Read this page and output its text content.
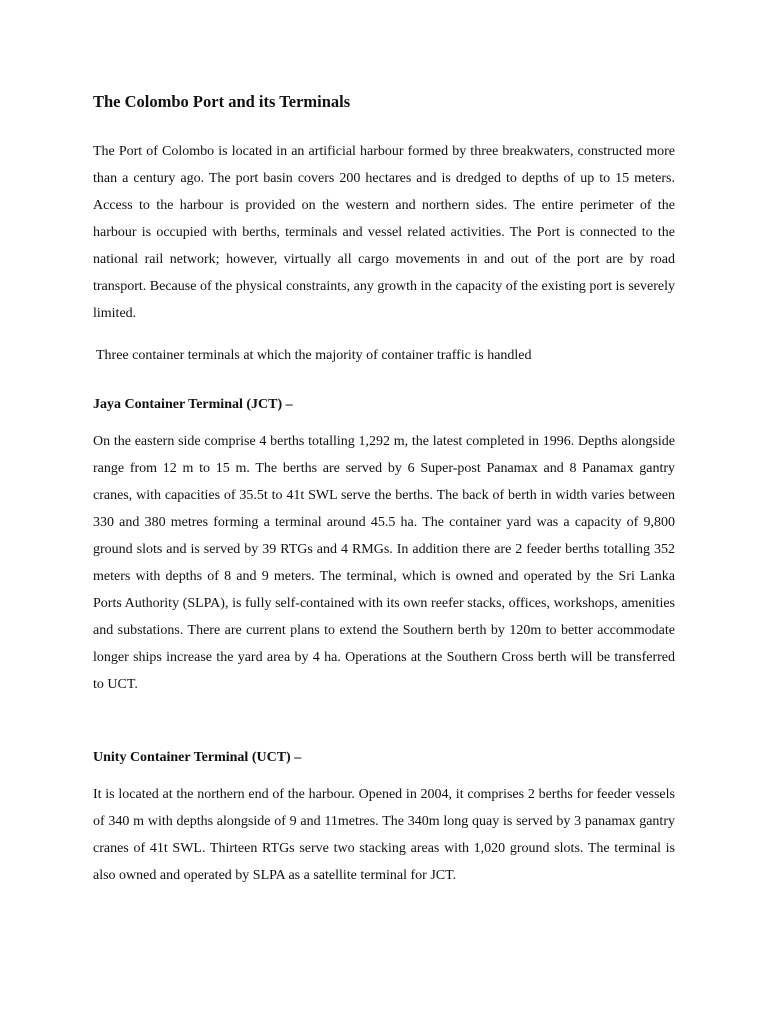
The Colombo Port and its Terminals

The Port of Colombo is located in an artificial harbour formed by three breakwaters, constructed more than a century ago. The port basin covers 200 hectares and is dredged to depths of up to 15 meters. Access to the harbour is provided on the western and northern sides. The entire perimeter of the harbour is occupied with berths, terminals and vessel related activities. The Port is connected to the national rail network; however, virtually all cargo movements in and out of the port are by road transport. Because of the physical constraints, any growth in the capacity of the existing port is severely limited.

Three container terminals at which the majority of container traffic is handled

Jaya Container Terminal (JCT) –

On the eastern side comprise 4 berths totalling 1,292 m, the latest completed in 1996. Depths alongside range from 12 m to 15 m. The berths are served by 6 Super-post Panamax and 8 Panamax gantry cranes, with capacities of 35.5t to 41t SWL serve the berths. The back of berth in width varies between 330 and 380 metres forming a terminal around 45.5 ha. The container yard was a capacity of 9,800 ground slots and is served by 39 RTGs and 4 RMGs. In addition there are 2 feeder berths totalling 352 meters with depths of 8 and 9 meters. The terminal, which is owned and operated by the Sri Lanka Ports Authority (SLPA), is fully self-contained with its own reefer stacks, offices, workshops, amenities and substations. There are current plans to extend the Southern berth by 120m to better accommodate longer ships increase the yard area by 4 ha. Operations at the Southern Cross berth will be transferred to UCT.

Unity Container Terminal (UCT) –

It is located at the northern end of the harbour. Opened in 2004, it comprises 2 berths for feeder vessels of 340 m with depths alongside of 9 and 11metres. The 340m long quay is served by 3 panamax gantry cranes of 41t SWL. Thirteen RTGs serve two stacking areas with 1,020 ground slots. The terminal is also owned and operated by SLPA as a satellite terminal for JCT.
